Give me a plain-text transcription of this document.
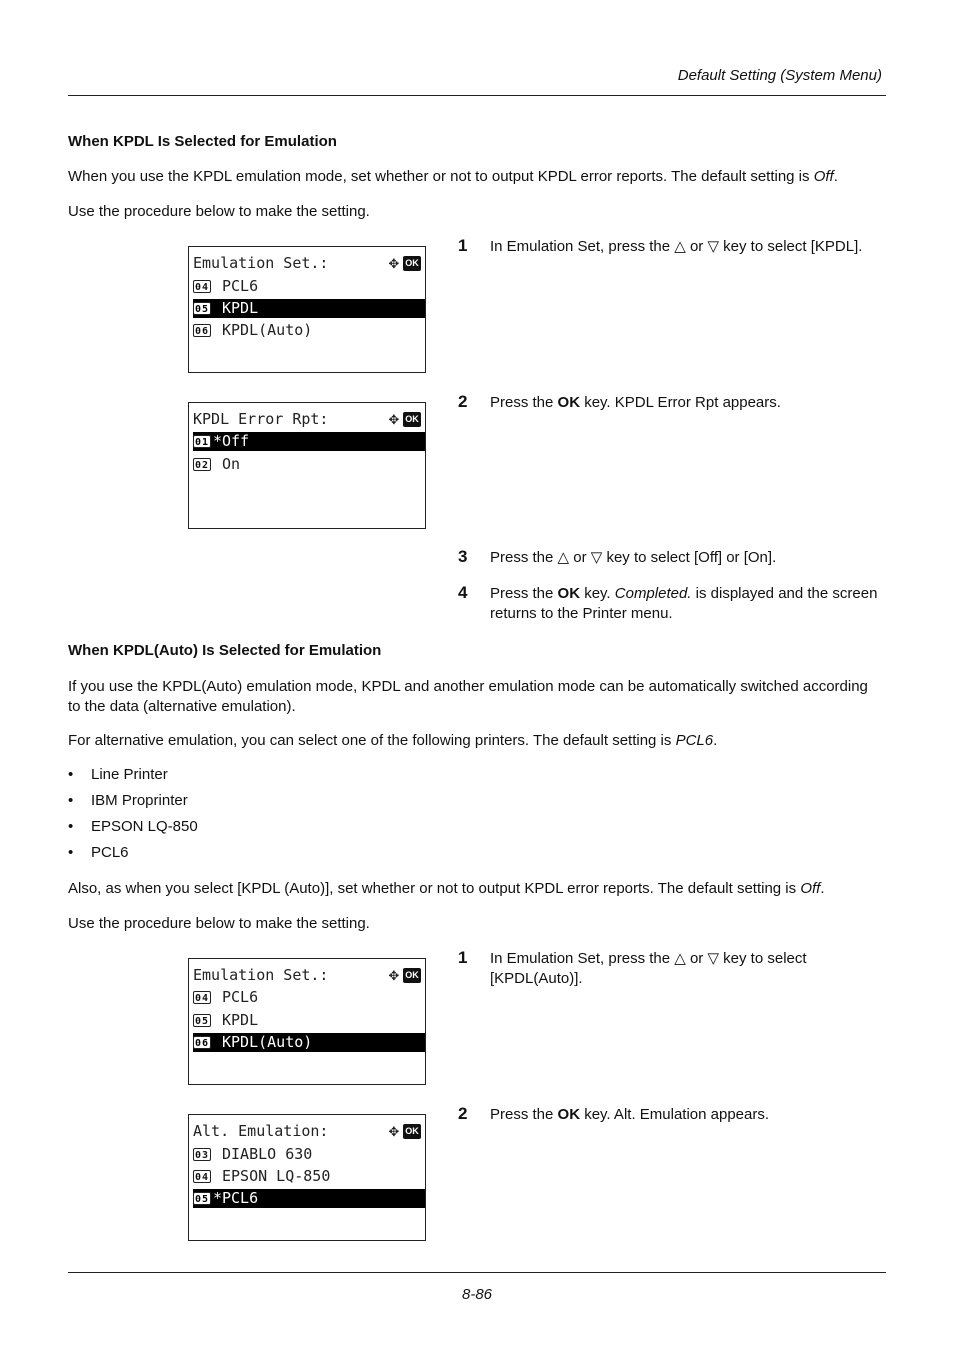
Default Setting (System Menu)
When KPDL Is Selected for Emulation
When you use the KPDL emulation mode, set whether or not to output KPDL error reports. The default setting is Off.
Use the procedure below to make the setting.
Emulation Set.:	✥ OK
04 PCL6
05 KPDL
06 KPDL(Auto)
KPDL Error Rpt:	✥ OK
01 * Off
02 On
1 In Emulation Set, press the △ or ▽ key to select [KPDL].
2 Press the OK key. KPDL Error Rpt appears.
3 Press the △ or ▽ key to select [Off] or [On].
4 Press the OK key. Completed. is displayed and the screen returns to the Printer menu.
When KPDL(Auto) Is Selected for Emulation
If you use the KPDL(Auto) emulation mode, KPDL and another emulation mode can be automatically switched according to the data (alternative emulation).
For alternative emulation, you can select one of the following printers. The default setting is PCL6.
•	Line Printer
•	IBM Proprinter
•	EPSON LQ-850
•	PCL6
Also, as when you select [KPDL (Auto)], set whether or not to output KPDL error reports. The default setting is Off.
Use the procedure below to make the setting.
Emulation Set.:	✥ OK
04 PCL6
05 KPDL
06 KPDL(Auto)
Alt. Emulation:	✥ OK
03 DIABLO 630
04 EPSON LQ-850
05 * PCL6
1 In Emulation Set, press the △ or ▽ key to select [KPDL(Auto)].
2 Press the OK key. Alt. Emulation appears.
8-86
